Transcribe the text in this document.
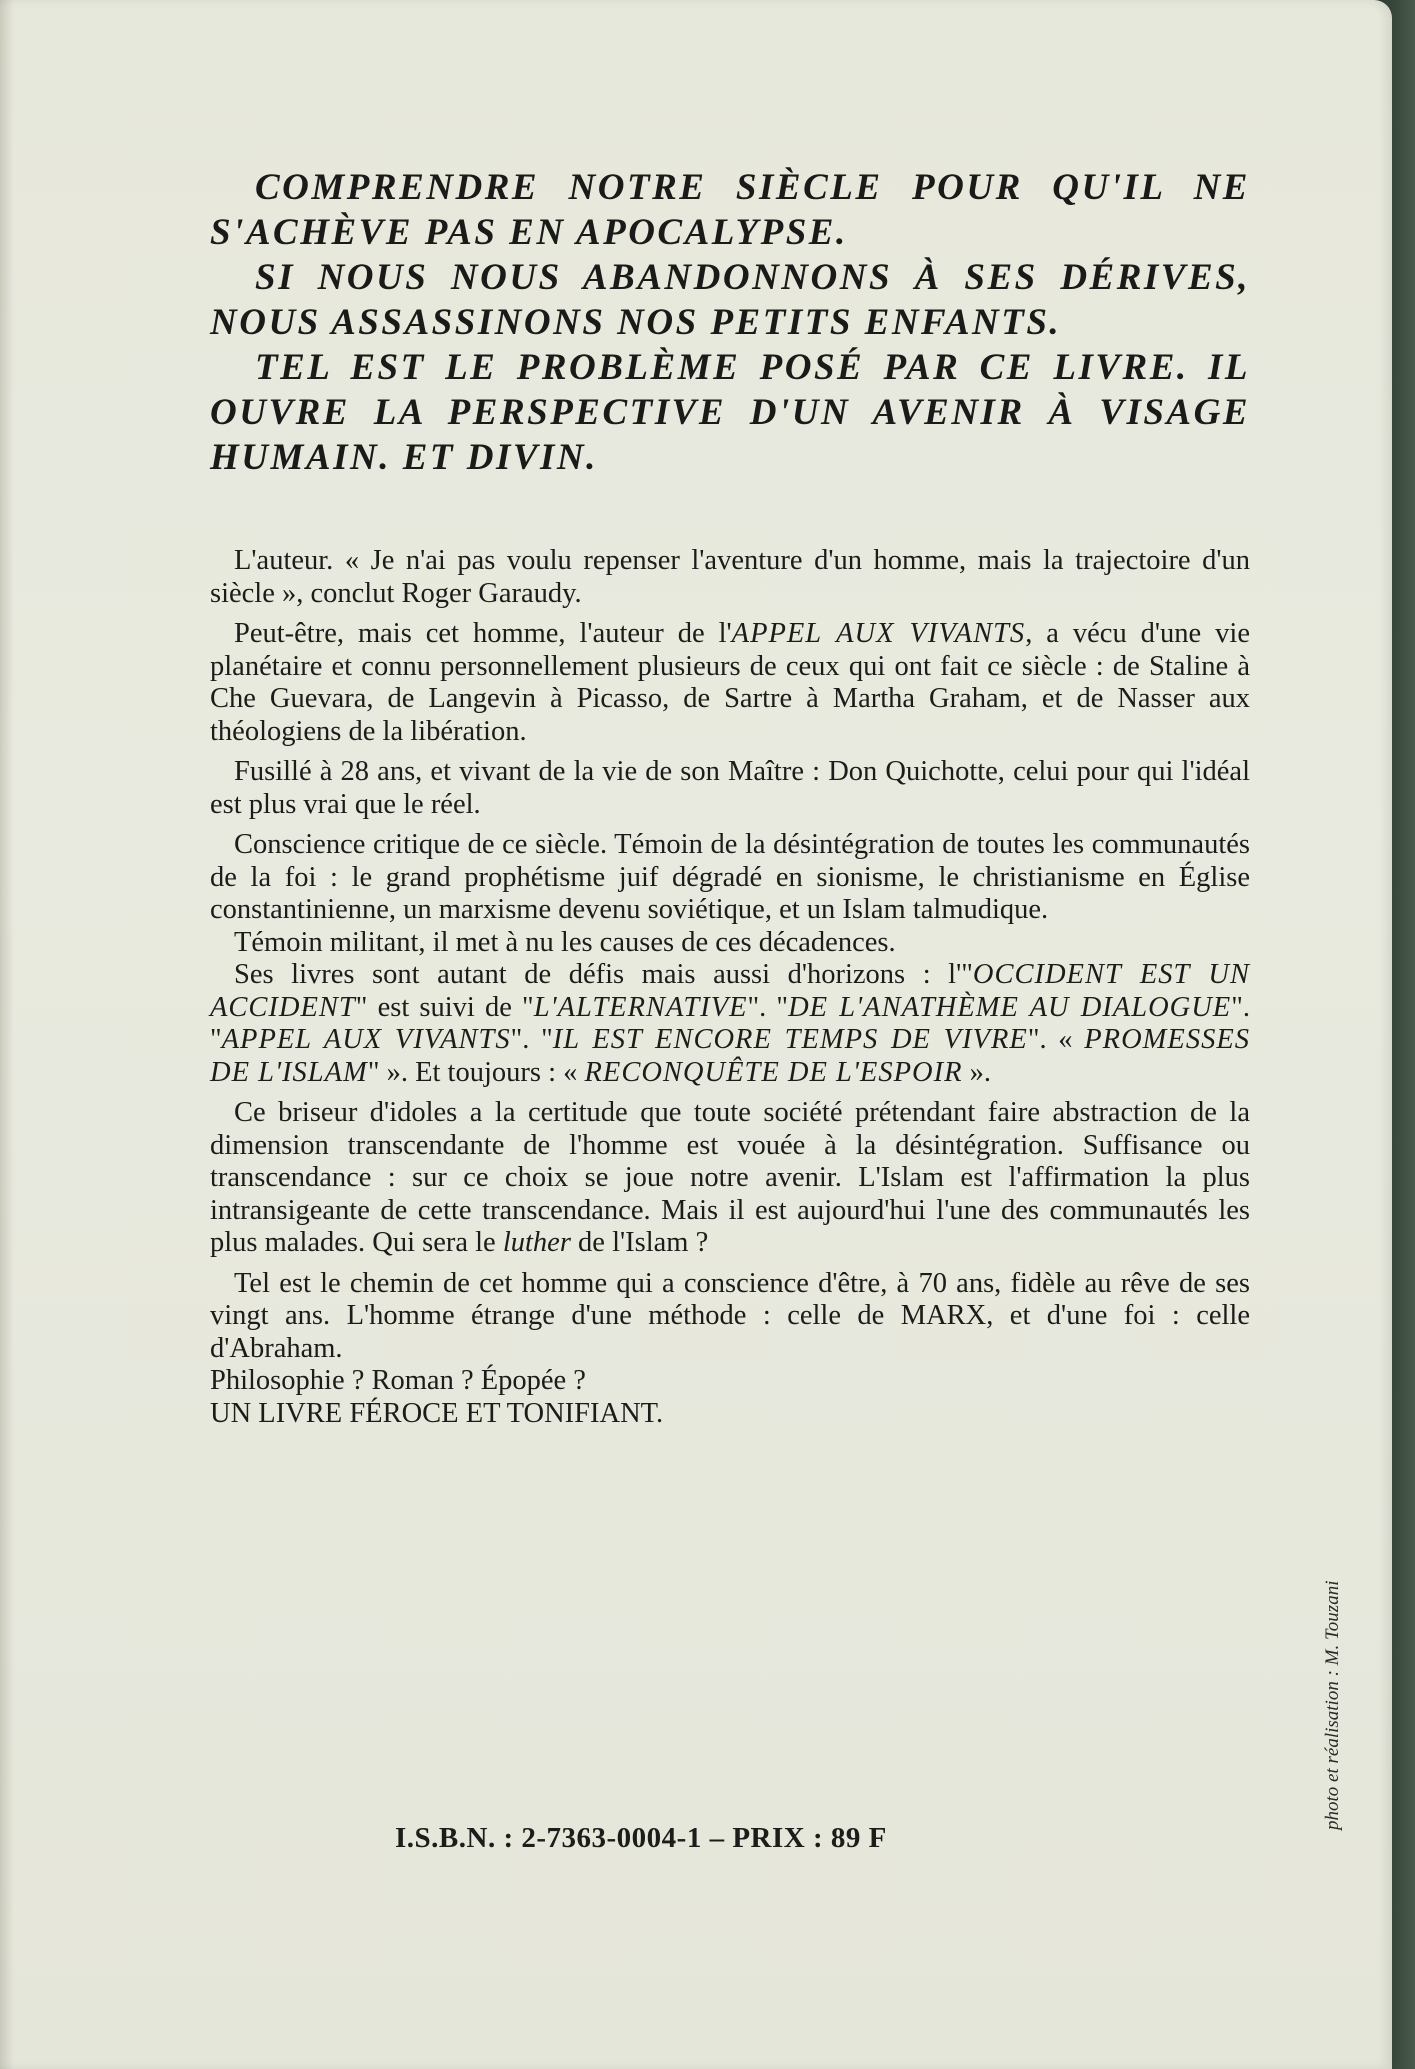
COMPRENDRE NOTRE SIÈCLE POUR QU'IL NE S'ACHÈVE PAS EN APOCALYPSE.

SI NOUS NOUS ABANDONNONS À SES DÉRIVES, NOUS ASSASSINONS NOS PETITS ENFANTS.

TEL EST LE PROBLÈME POSÉ PAR CE LIVRE. IL OUVRE LA PERSPECTIVE D'UN AVENIR À VISAGE HUMAIN. ET DIVIN.

L'auteur. « Je n'ai pas voulu repenser l'aventure d'un homme, mais la trajectoire d'un siècle », conclut Roger Garaudy.

Peut-être, mais cet homme, l'auteur de l'APPEL AUX VIVANTS, a vécu d'une vie planétaire et connu personnellement plusieurs de ceux qui ont fait ce siècle : de Staline à Che Guevara, de Langevin à Picasso, de Sartre à Martha Graham, et de Nasser aux théologiens de la libération.

Fusillé à 28 ans, et vivant de la vie de son Maître : Don Quichotte, celui pour qui l'idéal est plus vrai que le réel.

Conscience critique de ce siècle. Témoin de la désintégration de toutes les communautés de la foi : le grand prophétisme juif dégradé en sionisme, le christianisme en Église constantinienne, un marxisme devenu soviétique, et un Islam talmudique.

Témoin militant, il met à nu les causes de ces décadences.

Ses livres sont autant de défis mais aussi d'horizons : l'"OCCIDENT EST UN ACCIDENT" est suivi de "L'ALTERNATIVE". "DE L'ANATHÈME AU DIALOGUE". "APPEL AUX VIVANTS". "IL EST ENCORE TEMPS DE VIVRE". « PROMESSES DE L'ISLAM" ». Et toujours : « RECONQUÊTE DE L'ESPOIR ».

Ce briseur d'idoles a la certitude que toute société prétendant faire abstraction de la dimension transcendante de l'homme est vouée à la désintégration. Suffisance ou transcendance : sur ce choix se joue notre avenir. L'Islam est l'affirmation la plus intransigeante de cette transcendance. Mais il est aujourd'hui l'une des communautés les plus malades. Qui sera le luther de l'Islam ?

Tel est le chemin de cet homme qui a conscience d'être, à 70 ans, fidèle au rêve de ses vingt ans. L'homme étrange d'une méthode : celle de MARX, et d'une foi : celle d'Abraham.

Philosophie ? Roman ? Épopée ?

UN LIVRE FÉROCE ET TONIFIANT.

I.S.B.N. : 2-7363-0004-1 – PRIX : 89 F
photo et réalisation : M. Touzani
